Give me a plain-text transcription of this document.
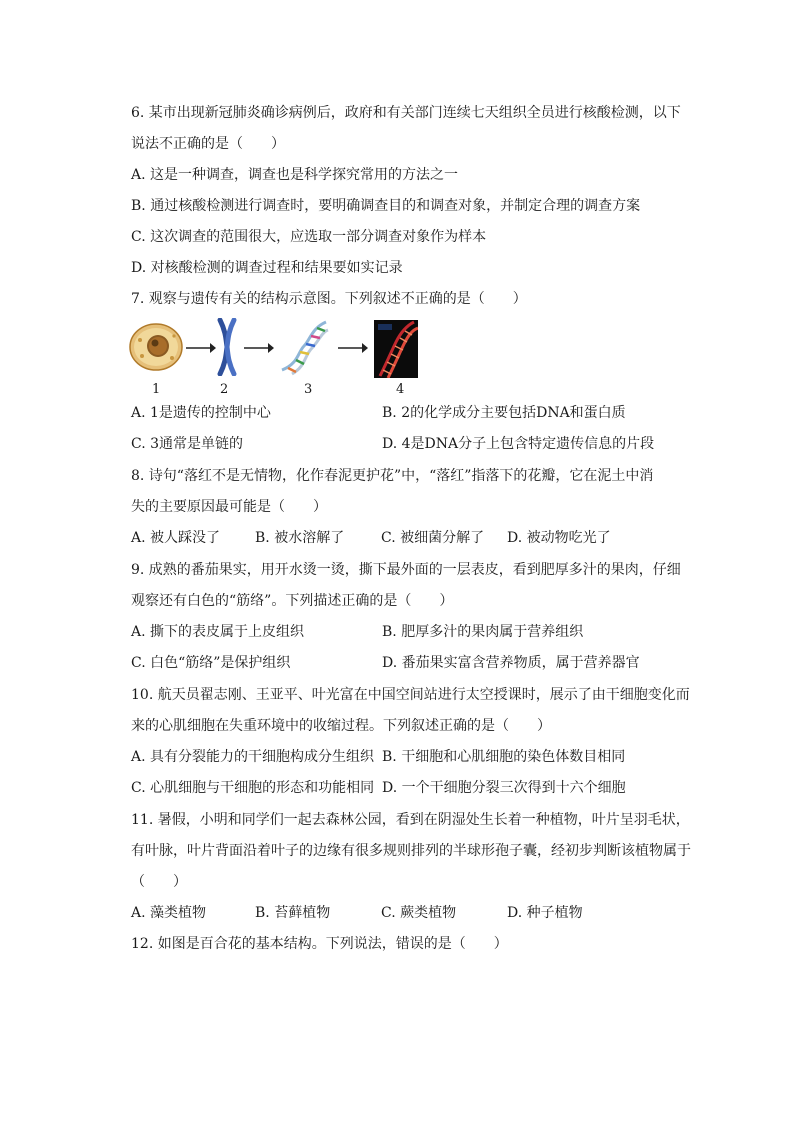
6. 某市出现新冠肺炎确诊病例后，政府和有关部门连续七天组织全员进行核酸检测，以下
说法不正确的是（　　）
A. 这是一种调查，调查也是科学探究常用的方法之一
B. 通过核酸检测进行调查时，要明确调查目的和调查对象，并制定合理的调查方案
C. 这次调查的范围很大，应选取一部分调查对象作为样本
D. 对核酸检测的调查过程和结果要如实记录
7. 观察与遗传有关的结构示意图。下列叙述不正确的是（　　）
1	2	3	4
A. 1是遗传的控制中心	B. 2的化学成分主要包括DNA和蛋白质
C. 3通常是单链的	D. 4是DNA分子上包含特定遗传信息的片段
8. 诗句“落红不是无情物，化作春泥更护花”中，“落红”指落下的花瓣，它在泥土中消
失的主要原因最可能是（　　）
A. 被人踩没了 B. 被水溶解了	C. 被细菌分解了 D. 被动物吃光了
9. 成熟的番茄果实，用开水烫一烫，撕下最外面的一层表皮，看到肥厚多汁的果肉，仔细
观察还有白色的“筋络”。下列描述正确的是（　　）
A. 撕下的表皮属于上皮组织	B. 肥厚多汁的果肉属于营养组织
C. 白色“筋络”是保护组织	D. 番茄果实富含营养物质，属于营养器官
10. 航天员翟志刚、王亚平、叶光富在中国空间站进行太空授课时，展示了由干细胞变化而
来的心肌细胞在失重环境中的收缩过程。下列叙述正确的是（　　）
A. 具有分裂能力的干细胞构成分生组织 B. 干细胞和心肌细胞的染色体数目相同
C. 心肌细胞与干细胞的形态和功能相同 D. 一个干细胞分裂三次得到十六个细胞
11. 暑假，小明和同学们一起去森林公园，看到在阴湿处生长着一种植物，叶片呈羽毛状，
有叶脉，叶片背面沿着叶子的边缘有很多规则排列的半球形孢子囊，经初步判断该植物属于
（　　）
A. 藻类植物	B. 苔藓植物	C. 蕨类植物	D. 种子植物
12. 如图是百合花的基本结构。下列说法，错误的是（　　）
